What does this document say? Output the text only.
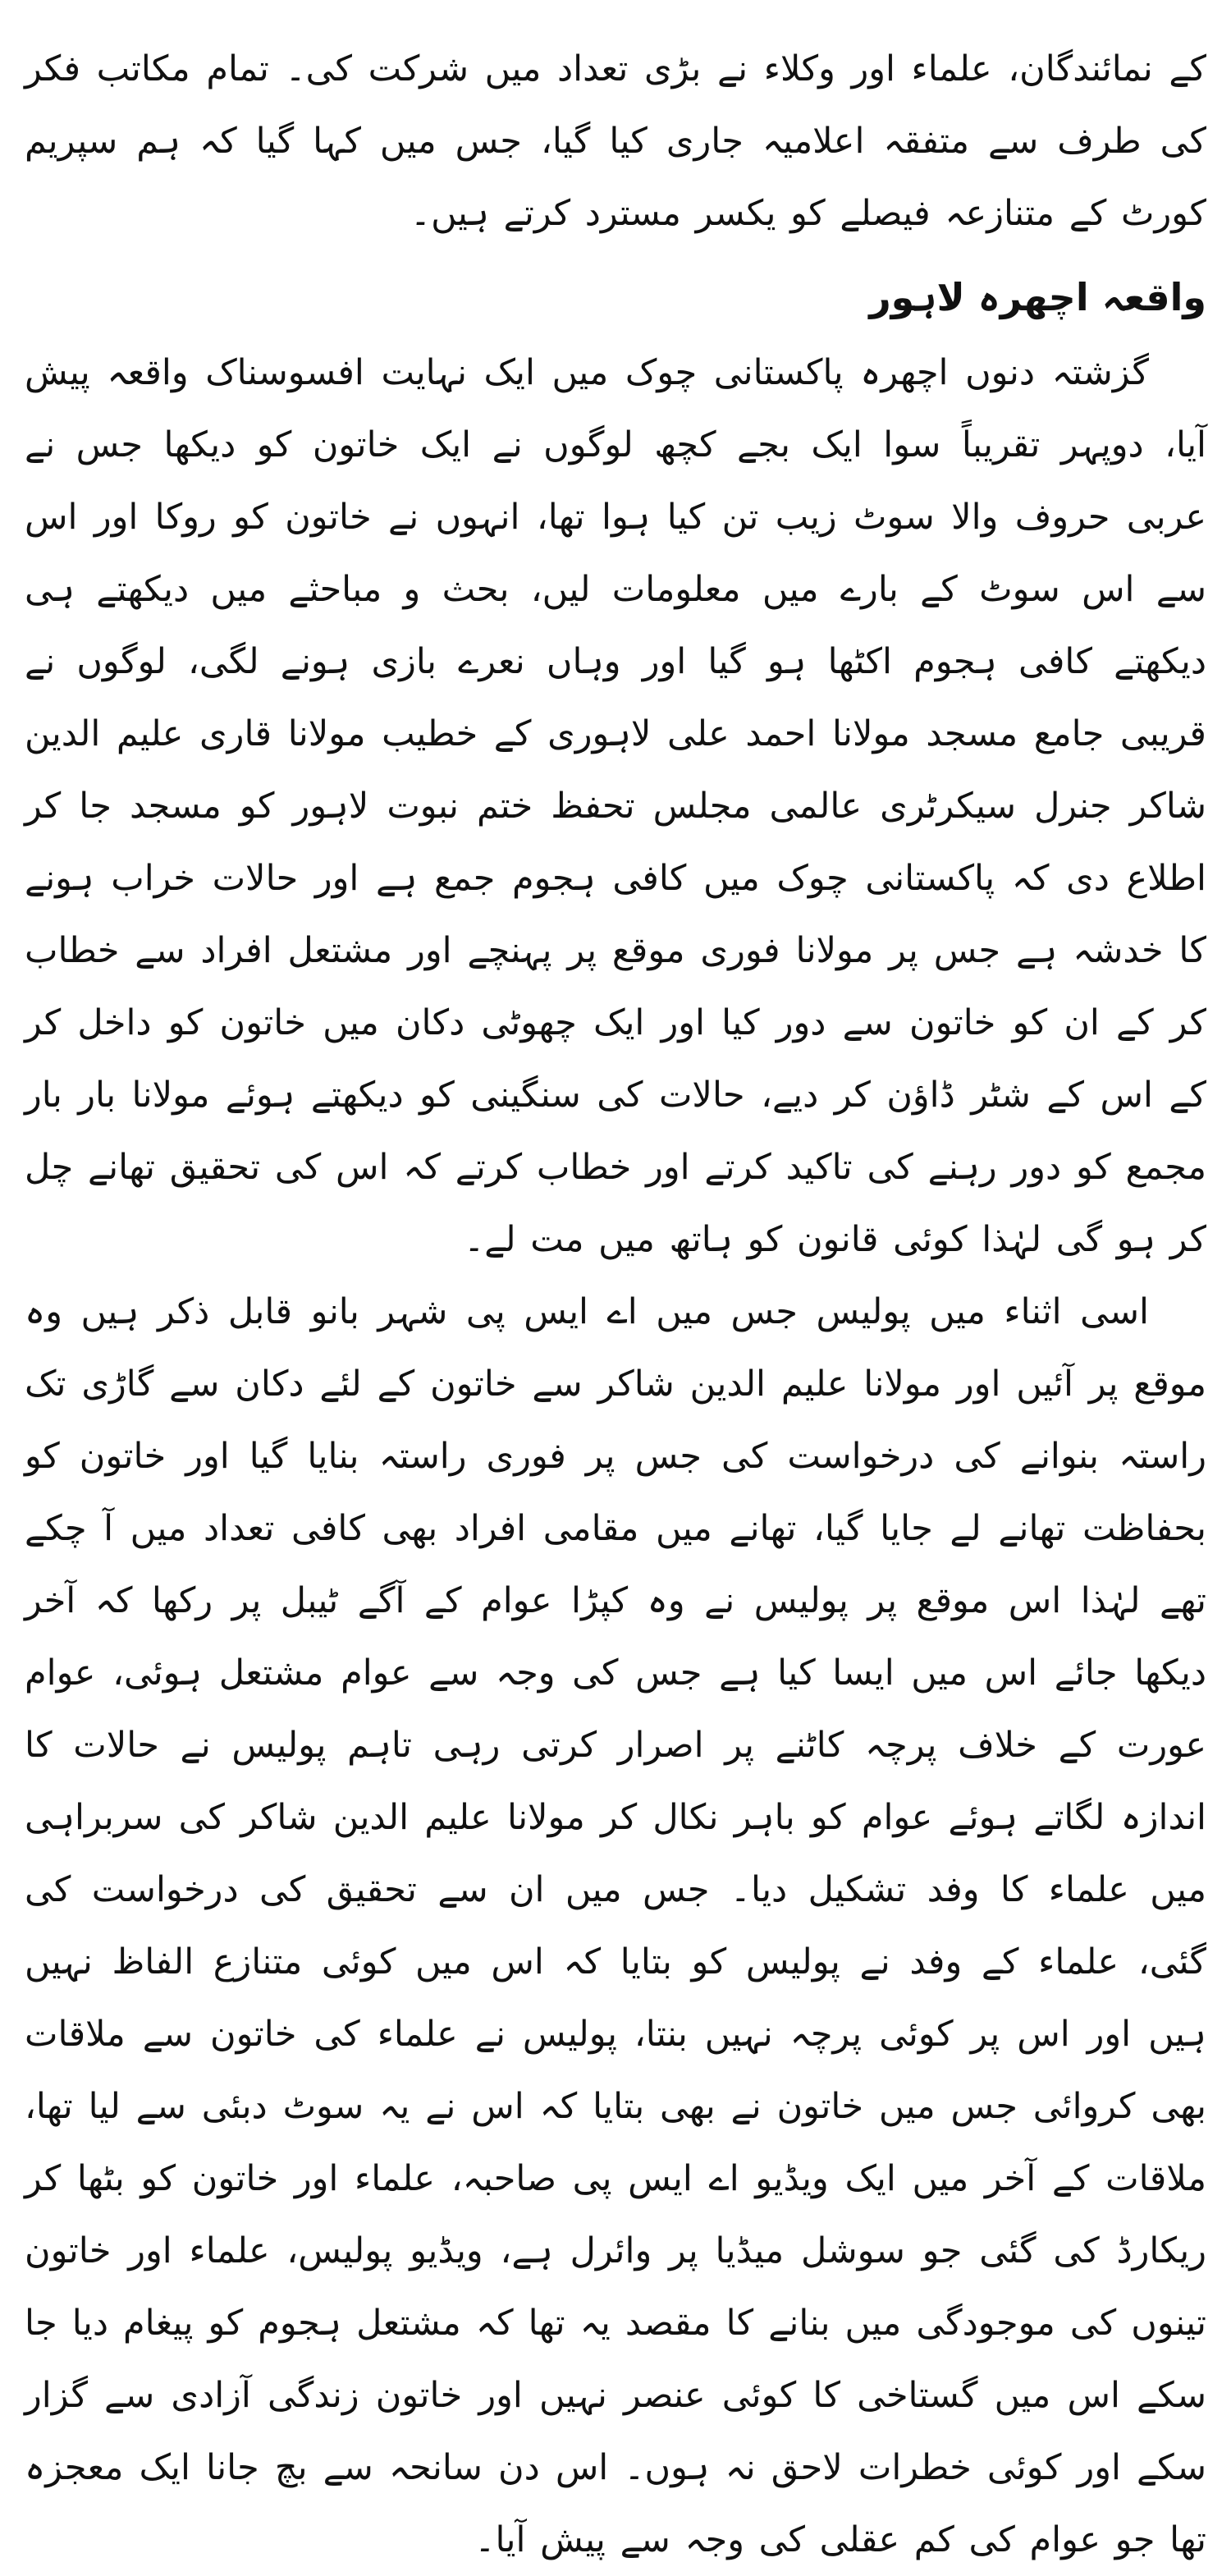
کے نمائندگان، علماء اور وکلاء نے بڑی تعداد میں شرکت کی۔ تمام مکاتب فکر کی طرف سے متفقہ اعلامیہ جاری کیا گیا، جس میں کہا گیا کہ ہم سپریم کورٹ کے متنازعہ فیصلے کو یکسر مسترد کرتے ہیں۔

واقعہ اچھرہ لاہور

گزشتہ دنوں اچھرہ پاکستانی چوک میں ایک نہایت افسوسناک واقعہ پیش آیا، دوپہر تقریباً سوا ایک بجے کچھ لوگوں نے ایک خاتون کو دیکھا جس نے عربی حروف والا سوٹ زیب تن کیا ہوا تھا، انہوں نے خاتون کو روکا اور اس سے اس سوٹ کے بارے میں معلومات لیں، بحث و مباحثے میں دیکھتے ہی دیکھتے کافی ہجوم اکٹھا ہو گیا اور وہاں نعرے بازی ہونے لگی، لوگوں نے قریبی جامع مسجد مولانا احمد علی لاہوری کے خطیب مولانا قاری علیم الدین شاکر جنرل سیکرٹری عالمی مجلس تحفظ ختم نبوت لاہور کو مسجد جا کر اطلاع دی کہ پاکستانی چوک میں کافی ہجوم جمع ہے اور حالات خراب ہونے کا خدشہ ہے جس پر مولانا فوری موقع پر پہنچے اور مشتعل افراد سے خطاب کر کے ان کو خاتون سے دور کیا اور ایک چھوٹی دکان میں خاتون کو داخل کر کے اس کے شٹر ڈاؤن کر دیے، حالات کی سنگینی کو دیکھتے ہوئے مولانا بار بار مجمع کو دور رہنے کی تاکید کرتے اور خطاب کرتے کہ اس کی تحقیق تھانے چل کر ہو گی لہٰذا کوئی قانون کو ہاتھ میں مت لے۔

اسی اثناء میں پولیس جس میں اے ایس پی شہر بانو قابل ذکر ہیں وہ موقع پر آئیں اور مولانا علیم الدین شاکر سے خاتون کے لئے دکان سے گاڑی تک راستہ بنوانے کی درخواست کی جس پر فوری راستہ بنایا گیا اور خاتون کو بحفاظت تھانے لے جایا گیا، تھانے میں مقامی افراد بھی کافی تعداد میں آ چکے تھے لہٰذا اس موقع پر پولیس نے وہ کپڑا عوام کے آگے ٹیبل پر رکھا کہ آخر دیکھا جائے اس میں ایسا کیا ہے جس کی وجہ سے عوام مشتعل ہوئی، عوام عورت کے خلاف پرچہ کاٹنے پر اصرار کرتی رہی تاہم پولیس نے حالات کا اندازہ لگاتے ہوئے عوام کو باہر نکال کر مولانا علیم الدین شاکر کی سربراہی میں علماء کا وفد تشکیل دیا۔ جس میں ان سے تحقیق کی درخواست کی گئی، علماء کے وفد نے پولیس کو بتایا کہ اس میں کوئی متنازع الفاظ نہیں ہیں اور اس پر کوئی پرچہ نہیں بنتا، پولیس نے علماء کی خاتون سے ملاقات بھی کروائی جس میں خاتون نے بھی بتایا کہ اس نے یہ سوٹ دبئی سے لیا تھا، ملاقات کے آخر میں ایک ویڈیو اے ایس پی صاحبہ، علماء اور خاتون کو بٹھا کر ریکارڈ کی گئی جو سوشل میڈیا پر وائرل ہے، ویڈیو پولیس، علماء اور خاتون تینوں کی موجودگی میں بنانے کا مقصد یہ تھا کہ مشتعل ہجوم کو پیغام دیا جا سکے اس میں گستاخی کا کوئی عنصر نہیں اور خاتون زندگی آزادی سے گزار سکے اور کوئی خطرات لاحق نہ ہوں۔ اس دن سانحہ سے بچ جانا ایک معجزہ تھا جو عوام کی کم عقلی کی وجہ سے پیش آیا۔
